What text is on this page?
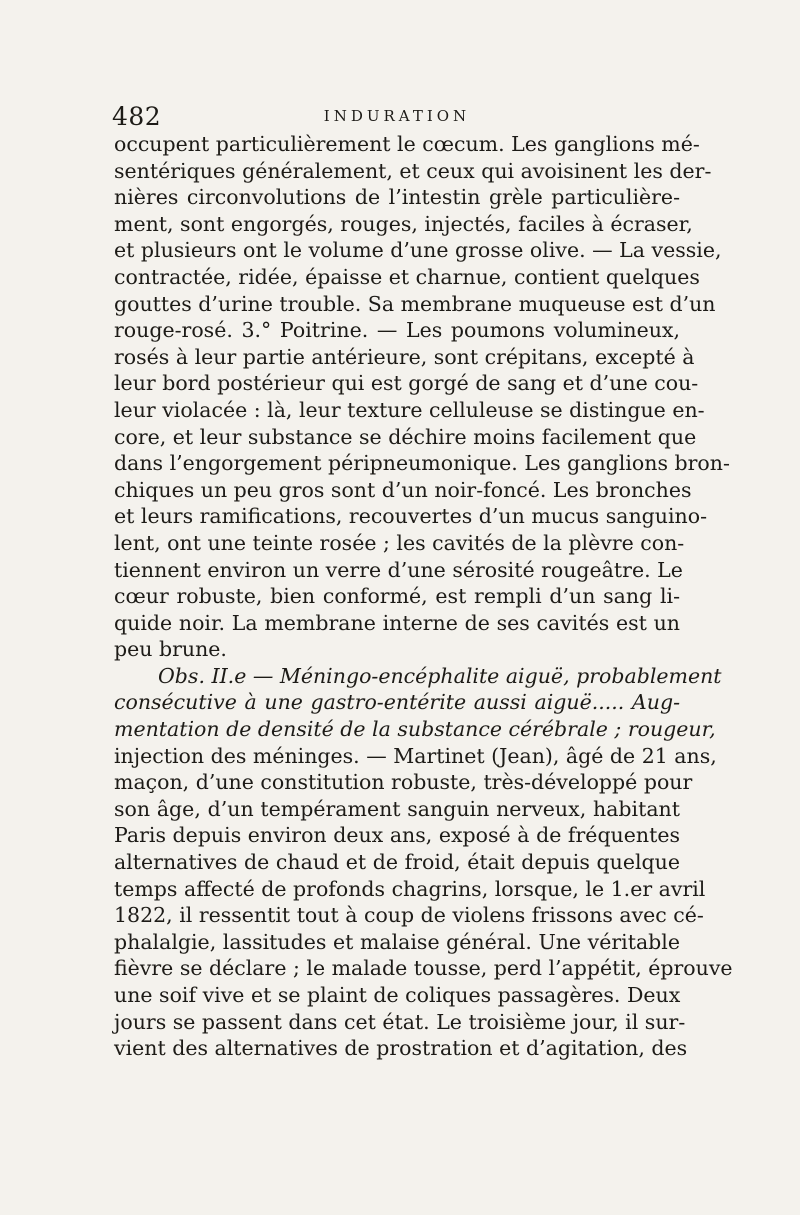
482	INDURATION
occupent particulièrement le cœcum. Les ganglions mé-
sentériques généralement, et ceux qui avoisinent les der-
nières circonvolutions de l’intestin grèle particulière-
ment, sont engorgés, rouges, injectés, faciles à écraser,
et plusieurs ont le volume d’une grosse olive. — La vessie,
contractée, ridée, épaisse et charnue, contient quelques
gouttes d’urine trouble. Sa membrane muqueuse est d’un
rouge-rosé. 3.° Poitrine. — Les poumons volumineux,
rosés à leur partie antérieure, sont crépitans, excepté à
leur bord postérieur qui est gorgé de sang et d’une cou-
leur violacée : là, leur texture celluleuse se distingue en-
core, et leur substance se déchire moins facilement que
dans l’engorgement péripneumonique. Les ganglions bron-
chiques un peu gros sont d’un noir-foncé. Les bronches
et leurs ramifications, recouvertes d’un mucus sanguino-
lent, ont une teinte rosée ; les cavités de la plèvre con-
tiennent environ un verre d’une sérosité rougeâtre. Le
cœur robuste, bien conformé, est rempli d’un sang li-
quide noir. La membrane interne de ses cavités est un
peu brune.
Obs. II.e — Méningo-encéphalite aiguë, probablement
consécutive à une gastro-entérite aussi aiguë..... Aug-
mentation de densité de la substance cérébrale ; rougeur,
injection des méninges. — Martinet (Jean), âgé de 21 ans,
maçon, d’une constitution robuste, très-développé pour
son âge, d’un tempérament sanguin nerveux, habitant
Paris depuis environ deux ans, exposé à de fréquentes
alternatives de chaud et de froid, était depuis quelque
temps affecté de profonds chagrins, lorsque, le 1.er avril
1822, il ressentit tout à coup de violens frissons avec cé-
phalalgie, lassitudes et malaise général. Une véritable
fièvre se déclare ; le malade tousse, perd l’appétit, éprouve
une soif vive et se plaint de coliques passagères. Deux
jours se passent dans cet état. Le troisième jour, il sur-
vient des alternatives de prostration et d’agitation, des
